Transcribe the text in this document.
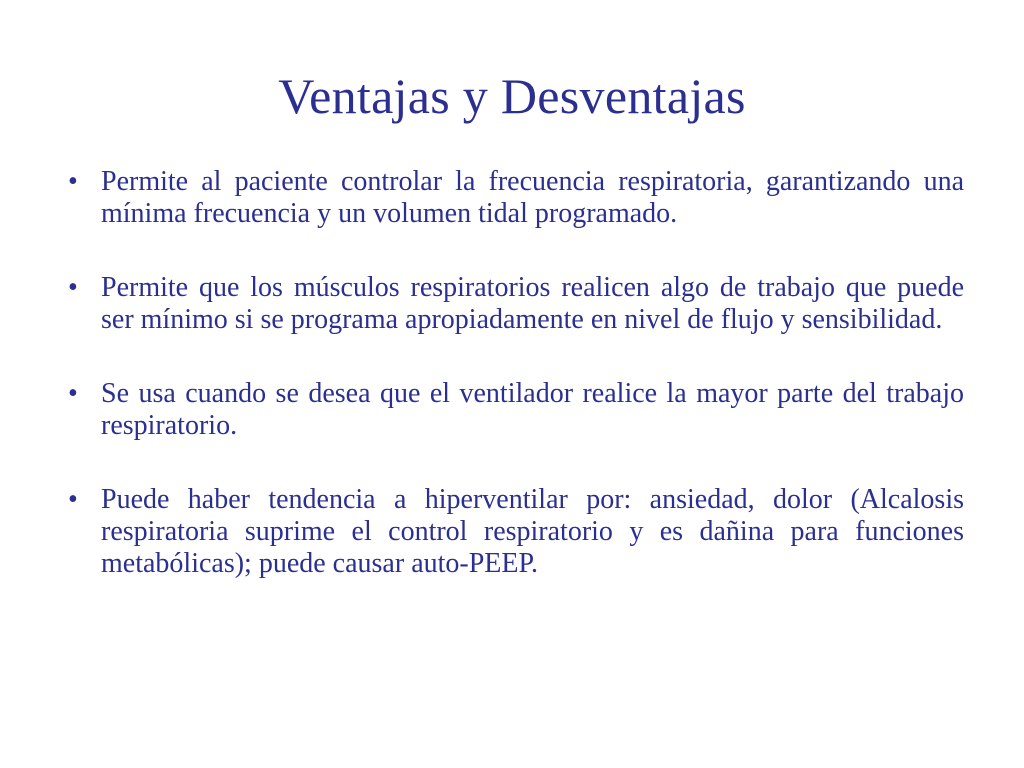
Ventajas y Desventajas
• Permite al paciente controlar la frecuencia respiratoria, garantizando una mínima frecuencia y un volumen tidal programado.
• Permite que los músculos respiratorios realicen algo de trabajo que puede ser mínimo si se programa apropiadamente en nivel de flujo y sensibilidad.
• Se usa cuando se desea que el ventilador realice la mayor parte del trabajo respiratorio.
• Puede haber tendencia a hiperventilar por: ansiedad, dolor (Alcalosis respiratoria suprime el control respiratorio y es dañina para funciones metabólicas); puede causar auto-PEEP.
